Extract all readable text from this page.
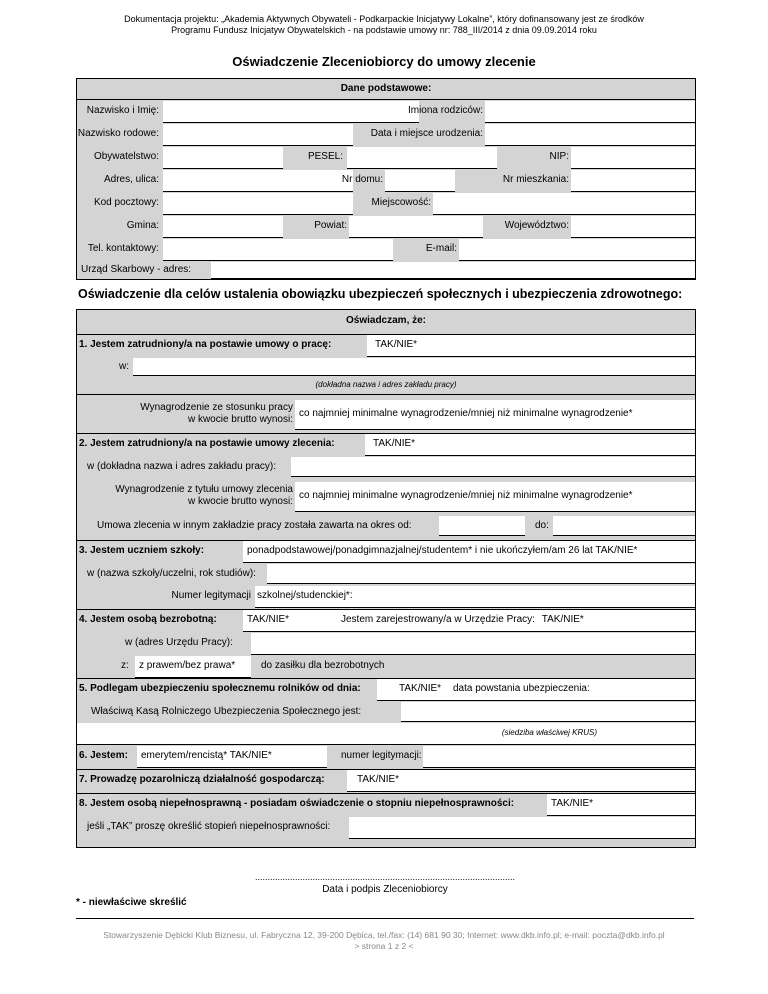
Dokumentacja projektu: „Akademia Aktywnych Obywateli - Podkarpackie Inicjatywy Lokalne”, który dofinansowany jest ze środków
Programu Fundusz Inicjatyw Obywatelskich - na podstawie umowy nr: 788_III/2014 z dnia 09.09.2014 roku
Oświadczenie Zleceniobiorcy do umowy zlecenie
Dane podstawowe:
Nazwisko i Imię:	Imiona rodziców:
Nazwisko rodowe:	Data i miejsce urodzenia:
Obywatelstwo:	PESEL:	NIP:
Adres, ulica:	Nr domu:	Nr mieszkania:
Kod pocztowy:	Miejscowość:
Gmina:	Powiat:	Województwo:
Tel. kontaktowy:	E-mail:
Urząd Skarbowy - adres:
Oświadczenie dla celów ustalenia obowiązku ubezpieczeń społecznych i ubezpieczenia zdrowotnego:
Oświadczam, że:
1. Jestem zatrudniony/a na postawie umowy o pracę:	TAK/NIE*
w:
(dokładna nazwa i adres zakładu pracy)
Wynagrodzenie ze stosunku pracy
w kwocie brutto wynosi:
co najmniej minimalne wynagrodzenie/mniej niż minimalne wynagrodzenie*
2. Jestem zatrudniony/a na postawie umowy zlecenia:	TAK/NIE*
w (dokładna nazwa i adres zakładu pracy):
Wynagrodzenie z tytułu umowy zlecenia
w kwocie brutto wynosi:
co najmniej minimalne wynagrodzenie/mniej niż minimalne wynagrodzenie*
Umowa zlecenia w innym zakładzie pracy została zawarta na okres od:	do:
3. Jestem uczniem szkoły:	ponadpodstawowej/ponadgimnazjalnej/studentem* i nie ukończyłem/am 26 lat TAK/NIE*
w (nazwa szkoły/uczelni, rok studiów):
Numer legitymacji szkolnej/studenckiej*:
4. Jestem osobą bezrobotną:	TAK/NIE*	Jestem zarejestrowany/a w Urzędzie Pracy: TAK/NIE*
w (adres Urzędu Pracy):
z:	z prawem/bez prawa*	do zasiłku dla bezrobotnych
5. Podlegam ubezpieczeniu społecznemu rolników od dnia:	TAK/NIE*	data powstania ubezpieczenia:
Właściwą Kasą Rolniczego Ubezpieczenia Społecznego jest:
(siedziba właściwej KRUS)
6. Jestem:	emerytem/rencistą* TAK/NIE*	numer legitymacji:
7. Prowadzę pozarolniczą działalność gospodarczą:	TAK/NIE*
8. Jestem osobą niepełnosprawną - posiadam oświadczenie o stopniu niepełnosprawności:	TAK/NIE*
jeśli „TAK” proszę określić stopień niepełnosprawności:
........................................................................................................
Data i podpis Zleceniobiorcy
* - niewłaściwe skreślić
Stowarzyszenie Dębicki Klub Biznesu, ul. Fabryczna 12, 39-200 Dębica, tel./fax: (14) 681 90 30; Internet: www.dkb.info.pl; e-mail: poczta@dkb.info.pl
> strona 1 z 2 <
